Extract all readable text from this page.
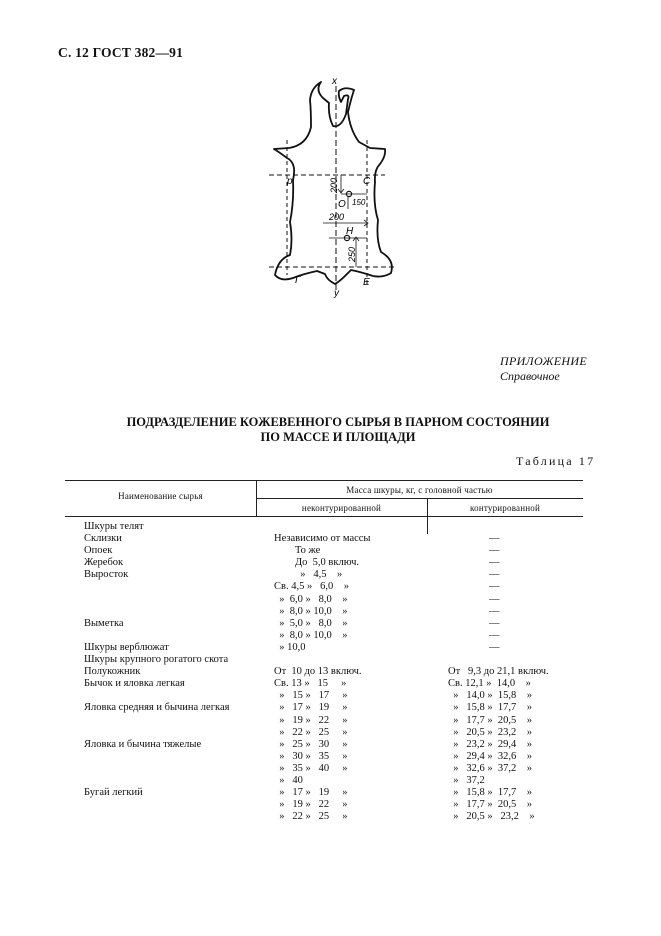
С. 12 ГОСТ 382—91
х
у
р	С
О
Н
Г	Е
200
150
200
250
ПРИЛОЖЕНИЕ
Справочное
ПОДРАЗДЕЛЕНИЕ КОЖЕВЕННОГО СЫРЬЯ В ПАРНОМ СОСТОЯНИИ
ПО МАССЕ И ПЛОЩАДИ
Таблица 17
Наименование сырья
Масса шкуры, кг, с головной частью
неконтурированной	контурированной
Шкуры телят
Склизки	Независимо от массы	—
Опоек	То же	—
Жеребок	До  5,0 включ.	—
Выросток	»   4,5    »	—
Св. 4,5 »   6,0    »	—
»  6,0 »   8,0    »	—
»  8,0 » 10,0    »	—
Выметка	»  5,0 »   8,0    »	—
»  8,0 » 10,0    »	—
Шкуры верблюжат	» 10,0	—
Шкуры крупного рогатого скота
Полукожник	От  10 до 13 включ.	От   9,3 до 21,1 включ.
Бычок и яловка легкая	Св. 13 »   15     »	Св. 12,1 »  14,0    »
»   15 »   17     »	»   14,0 »  15,8    »
Яловка средняя и бычина легкая	»   17 »   19     »	»   15,8 »  17,7    »
»   19 »   22     »	»   17,7 »  20,5    »
»   22 »   25     »	»   20,5 »  23,2    »
Яловка и бычина тяжелые	»   25 »   30     »	»   23,2 »  29,4    »
»   30 »   35     »	»   29,4 »  32,6    »
»   35 »   40     »	»   32,6 »  37,2    »
»   40	»   37,2
Бугай легкий	»   17 »   19     »	»   15,8 »  17,7    »
»   19 »   22     »	»   17,7 »  20,5    »
»   22 »   25     »	»   20,5 »   23,2    »
